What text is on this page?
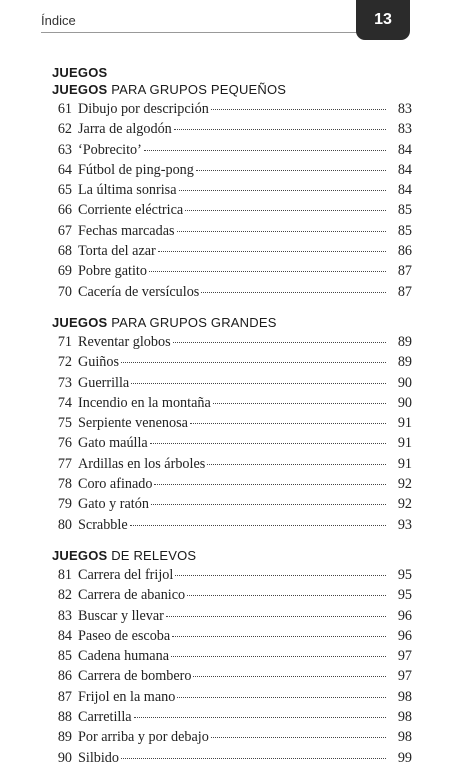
Índice	13
JUEGOS
JUEGOS PARA GRUPOS PEQUEÑOS
61 Dibujo por descripción	83
62 Jarra de algodón	83
63 ‘Pobrecito’	84
64 Fútbol de ping-pong	84
65 La última sonrisa	84
66 Corriente eléctrica	85
67 Fechas marcadas	85
68 Torta del azar	86
69 Pobre gatito	87
70 Cacería de versículos	87
JUEGOS PARA GRUPOS GRANDES
71 Reventar globos	89
72 Guiños	89
73 Guerrilla	90
74 Incendio en la montaña	90
75 Serpiente venenosa	91
76 Gato maúlla	91
77 Ardillas en los árboles	91
78 Coro afinado	92
79 Gato y ratón	92
80 Scrabble	93
JUEGOS DE RELEVOS
81 Carrera del frijol	95
82 Carrera de abanico	95
83 Buscar y llevar	96
84 Paseo de escoba	96
85 Cadena humana	97
86 Carrera de bombero	97
87 Frijol en la mano	98
88 Carretilla	98
89 Por arriba y por debajo	98
90 Silbido	99
